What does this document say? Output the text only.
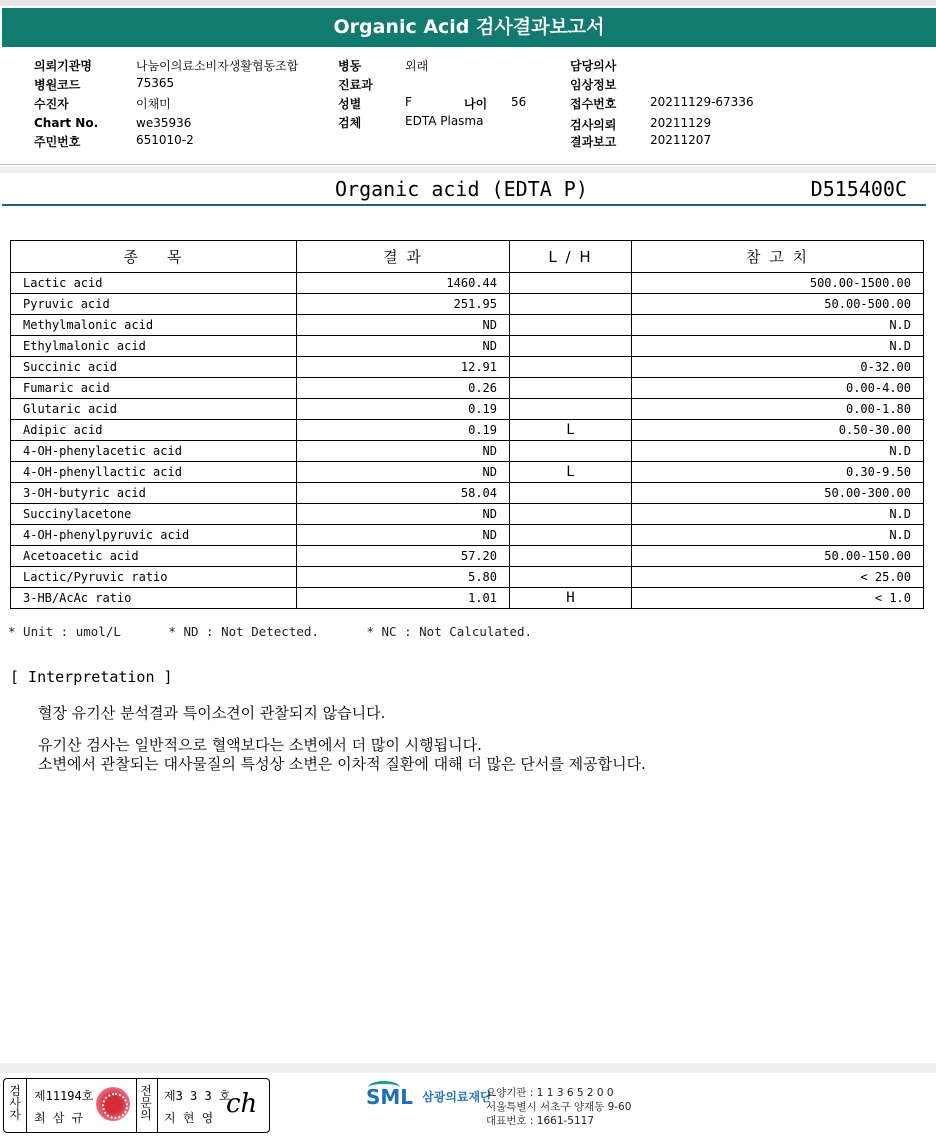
Organic Acid 검사결과보고서
의뢰기관명	나눔이의료소비자생활협동조합
병원코드	75365
수진자	이채미
Chart No.	we35936
주민번호	651010-2
병동	외래
진료과
성별	F	나이 56
검체	EDTA Plasma
담당의사
임상정보
접수번호	20211129-67336
검사의뢰	20211129
결과보고	20211207
Organic acid (EDTA P)	D515400C
종    목	결 과	L / H	참 고 치
Lactic acid	1460.44		500.00-1500.00
Pyruvic acid	251.95		50.00-500.00
Methylmalonic acid	ND		N.D
Ethylmalonic acid	ND		N.D
Succinic acid	12.91		0-32.00
Fumaric acid	0.26		0.00-4.00
Glutaric acid	0.19		0.00-1.80
Adipic acid	0.19	L	0.50-30.00
4-OH-phenylacetic acid	ND		N.D
4-OH-phenyllactic acid	ND	L	0.30-9.50
3-OH-butyric acid	58.04		50.00-300.00
Succinylacetone	ND		N.D
4-OH-phenylpyruvic acid	ND		N.D
Acetoacetic acid	57.20		50.00-150.00
Lactic/Pyruvic ratio	5.80		< 25.00
3-HB/AcAc ratio	1.01	H	< 1.0
* Unit : umol/L	* ND : Not Detected.	* NC : Not Calculated.
[ Interpretation ]

혈장 유기산 분석결과 특이소견이 관찰되지 않습니다.

유기산 검사는 일반적으로 혈액보다는 소변에서 더 많이 시행됩니다.
소변에서 관찰되는 대사물질의 특성상 소변은 이차적 질환에 대해 더 많은 단서를 제공합니다.
검
사
자
제11194호
최 삼 규
전
문
의
제3 3 3 호
지 현 영 ch	SML 삼광의료재단
요양기관 : 1 1 3 6 5 2 0 0
서울특별시 서초구 양재동 9-60
대표번호 : 1661-5117
